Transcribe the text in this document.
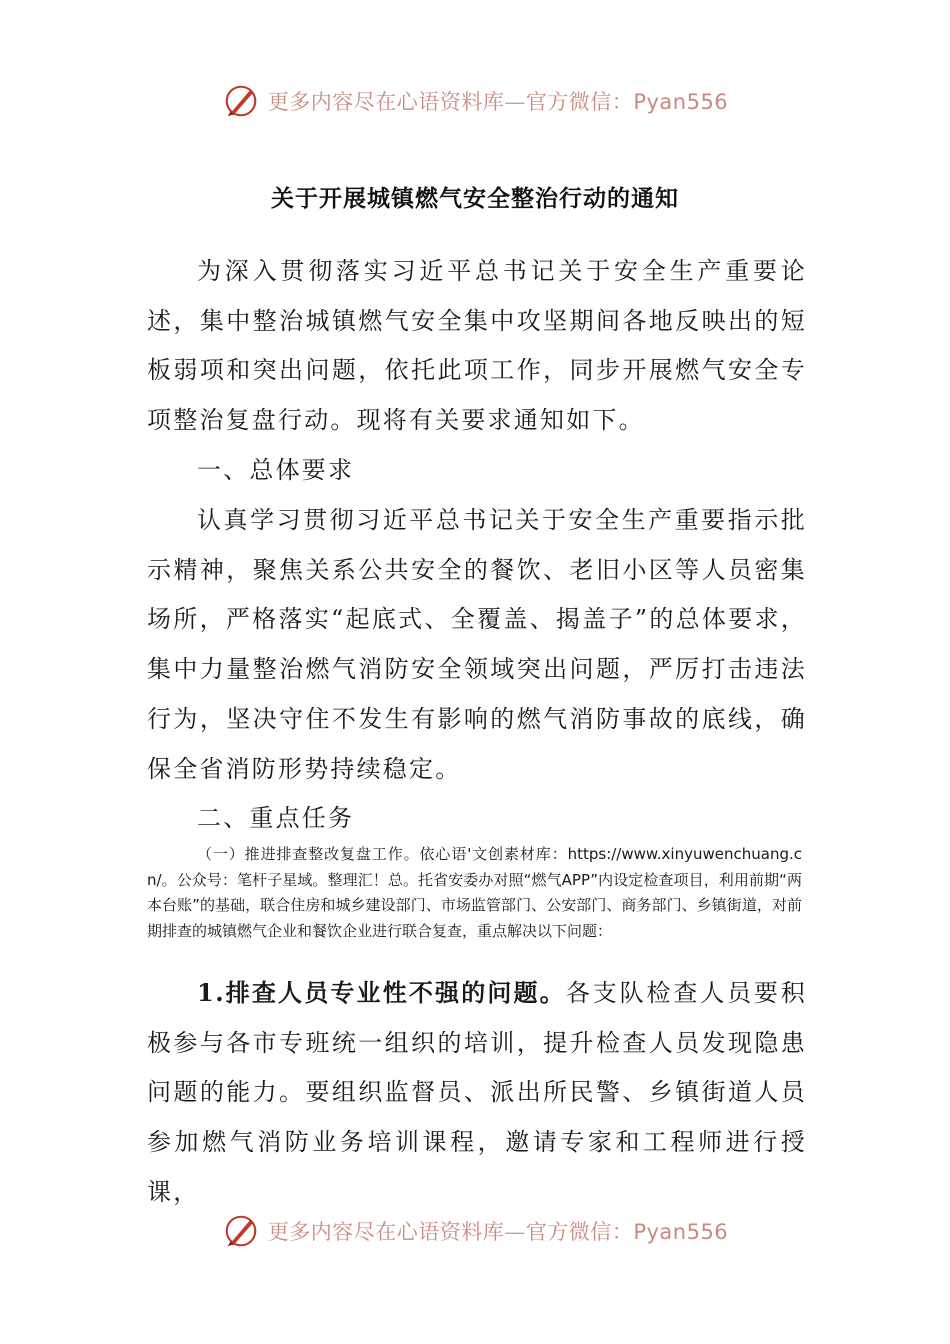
更多内容尽在心语资料库—官方微信：Pyan556
关于开展城镇燃气安全整治行动的通知

为深入贯彻落实习近平总书记关于安全生产重要论述，集中整治城镇燃气安全集中攻坚期间各地反映出的短板弱项和突出问题，依托此项工作，同步开展燃气安全专项整治复盘行动。现将有关要求通知如下。

一、总体要求

认真学习贯彻习近平总书记关于安全生产重要指示批示精神，聚焦关系公共安全的餐饮、老旧小区等人员密集场所，严格落实“起底式、全覆盖、揭盖子”的总体要求，集中力量整治燃气消防安全领域突出问题，严厉打击违法行为，坚决守住不发生有影响的燃气消防事故的底线，确保全省消防形势持续稳定。

二、重点任务

（一）推进排查整改复盘工作。依心语'文创素材库：https://www.xinyuwenchuang.cn/。公众号：笔杆子星域。整理汇！总。托省安委办对照“燃气APP”内设定检查项目，利用前期“两本台账”的基础，联合住房和城乡建设部门、市场监管部门、公安部门、商务部门、乡镇街道，对前期排查的城镇燃气企业和餐饮企业进行联合复查，重点解决以下问题：

1.排查人员专业性不强的问题。各支队检查人员要积极参与各市专班统一组织的培训，提升检查人员发现隐患问题的能力。要组织监督员、派出所民警、乡镇街道人员参加燃气消防业务培训课程，邀请专家和工程师进行授课，

更多内容尽在心语资料库—官方微信：Pyan556
